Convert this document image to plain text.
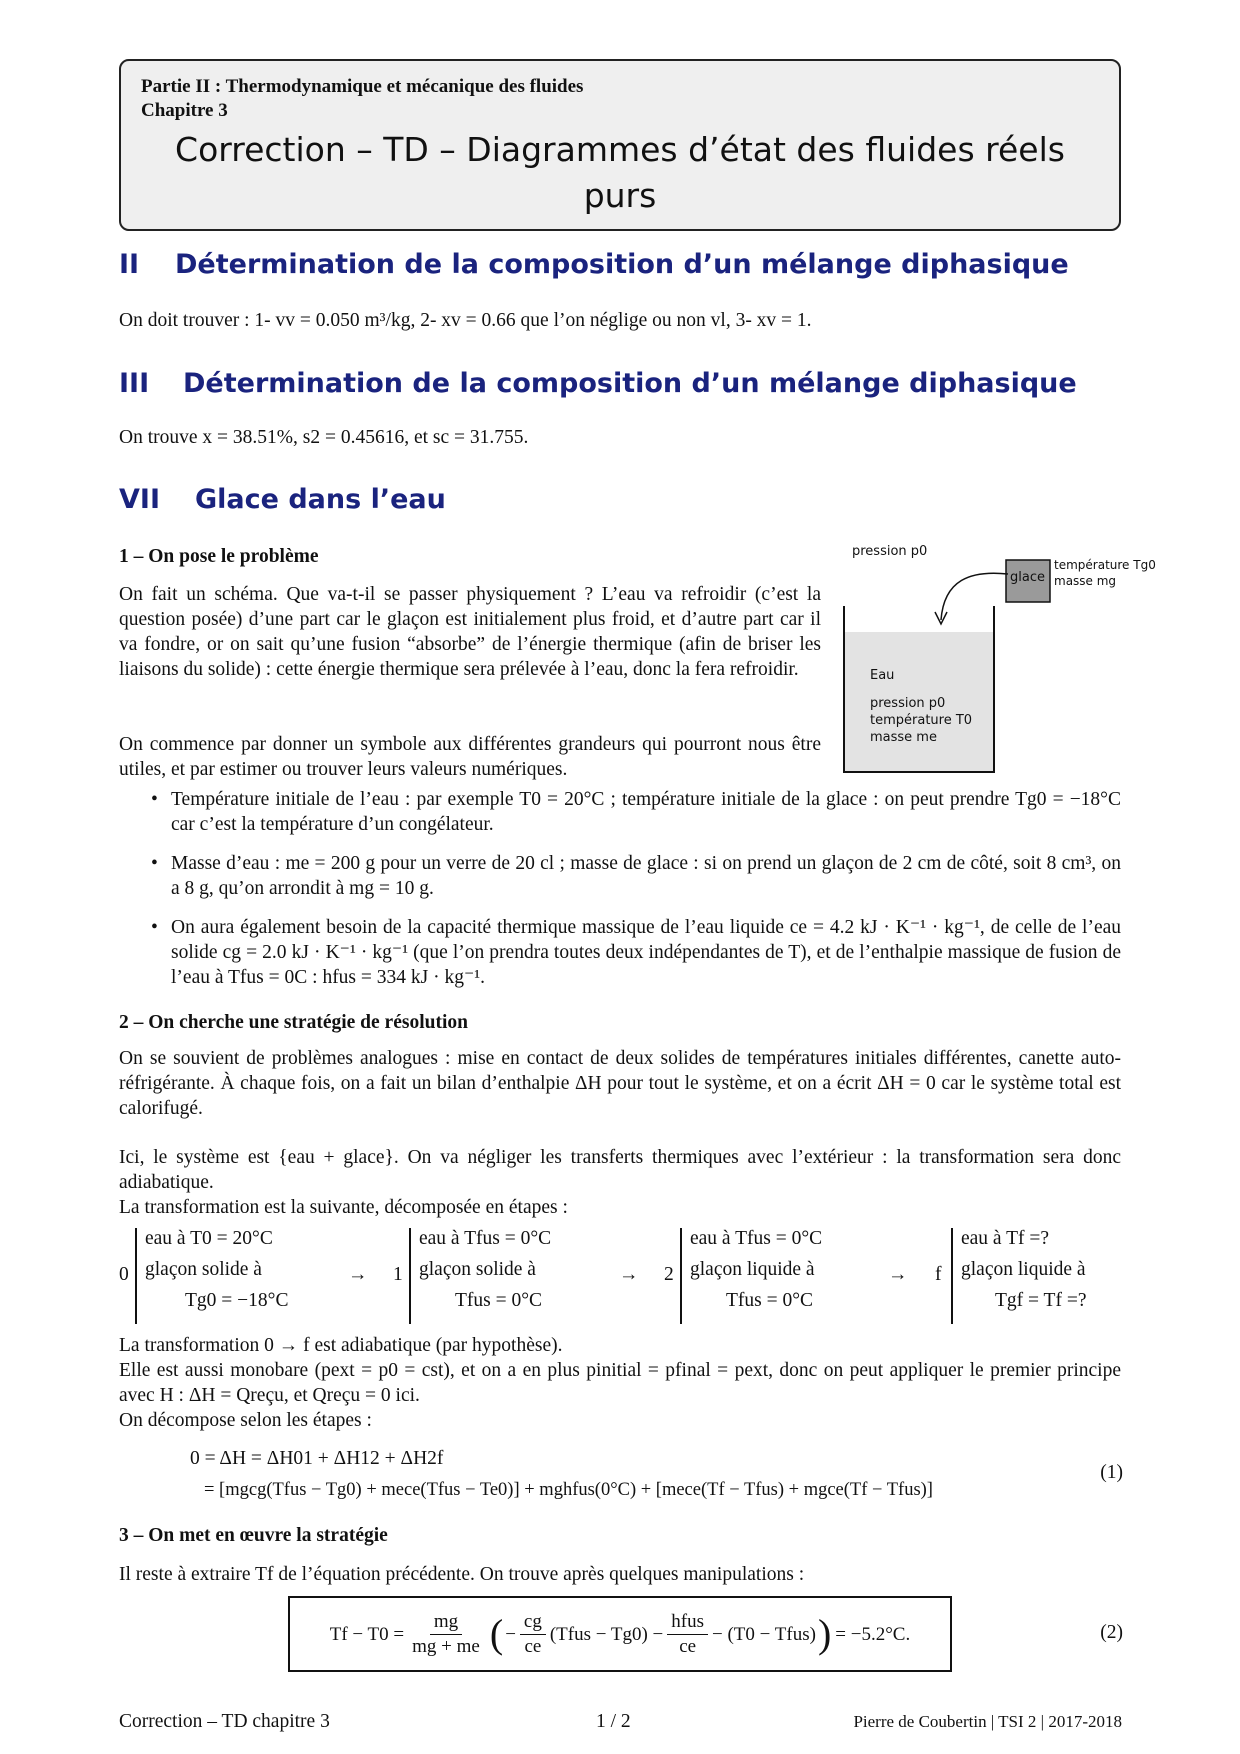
Partie II : Thermodynamique et mécanique des fluides
Chapitre 3
Correction – TD – Diagrammes d’état des fluides réels
purs
II Détermination de la composition d’un mélange diphasique
On doit trouver : 1- vv = 0.050 m³/kg, 2- xv = 0.66 que l’on néglige ou non vl, 3- xv = 1.
III Détermination de la composition d’un mélange diphasique
On trouve x = 38.51%, s2 = 0.45616, et sc = 31.755.
VII Glace dans l’eau
1 – On pose le problème
On fait un schéma. Que va-t-il se passer physiquement ? L’eau va refroidir (c’est la question posée) d’une part car le glaçon est initialement plus froid, et d’autre part car il va fondre, or on sait qu’une fusion “absorbe” de l’énergie thermique (afin de briser les liaisons du solide) : cette énergie thermique sera prélevée à l’eau, donc la fera refroidir.
On commence par donner un symbole aux différentes grandeurs qui pourront nous être utiles, et par estimer ou trouver leurs valeurs numériques.
pression p0
glace
température Tg0
masse mg
Eau
pression p0
température T0
masse me
• Température initiale de l’eau : par exemple T0 = 20°C ; température initiale de la glace : on peut prendre Tg0 = −18°C car c’est la température d’un congélateur.
• Masse d’eau : me = 200 g pour un verre de 20 cl ; masse de glace : si on prend un glaçon de 2 cm de côté, soit 8 cm³, on a 8 g, qu’on arrondit à mg = 10 g.
• On aura également besoin de la capacité thermique massique de l’eau liquide ce = 4.2 kJ · K⁻¹ · kg⁻¹, de celle de l’eau solide cg = 2.0 kJ · K⁻¹ · kg⁻¹ (que l’on prendra toutes deux indépendantes de T), et de l’enthalpie massique de fusion de l’eau à Tfus = 0C : hfus = 334 kJ · kg⁻¹.
2 – On cherche une stratégie de résolution
On se souvient de problèmes analogues : mise en contact de deux solides de températures initiales différentes, canette auto-réfrigérante. À chaque fois, on a fait un bilan d’enthalpie ΔH pour tout le système, et on a écrit ΔH = 0 car le système total est calorifugé.
Ici, le système est {eau + glace}. On va négliger les transferts thermiques avec l’extérieur : la transformation sera donc adiabatique.
La transformation est la suivante, décomposée en étapes :
0
eau à T0 = 20°C
glaçon solide à
Tg0 = −18°C
→ 1
eau à Tfus = 0°C
glaçon solide à
Tfus = 0°C
→ 2
eau à Tfus = 0°C
glaçon liquide à
Tfus = 0°C
→ f
eau à Tf =?
glaçon liquide à
Tgf = Tf =?
La transformation 0 → f est adiabatique (par hypothèse).
Elle est aussi monobare (pext = p0 = cst), et on a en plus pinitial = pfinal = pext, donc on peut appliquer le premier principe avec H : ΔH = Qreçu, et Qreçu = 0 ici.
On décompose selon les étapes :
0 = ΔH = ΔH01 + ΔH12 + ΔH2f
= [mgcg(Tfus − Tg0) + mece(Tfus − Te0)] + mghfus(0°C) + [mece(Tf − Tfus) + mgce(Tf − Tfus)]
(1)
3 – On met en œuvre la stratégie
Il reste à extraire Tf de l’équation précédente. On trouve après quelques manipulations :
$Tf - T0 = \frac{mg}{mg + me}$ ( − $\frac{cg}{ce}$ (Tfus − $Tg0) - \frac{\text{hfus}}{ce} - (T0$ − Tfus) ) = −5.2°C.	(2)
Correction – TD chapitre 3	1 / 2	Pierre de Coubertin | TSI 2 | 2017-2018
